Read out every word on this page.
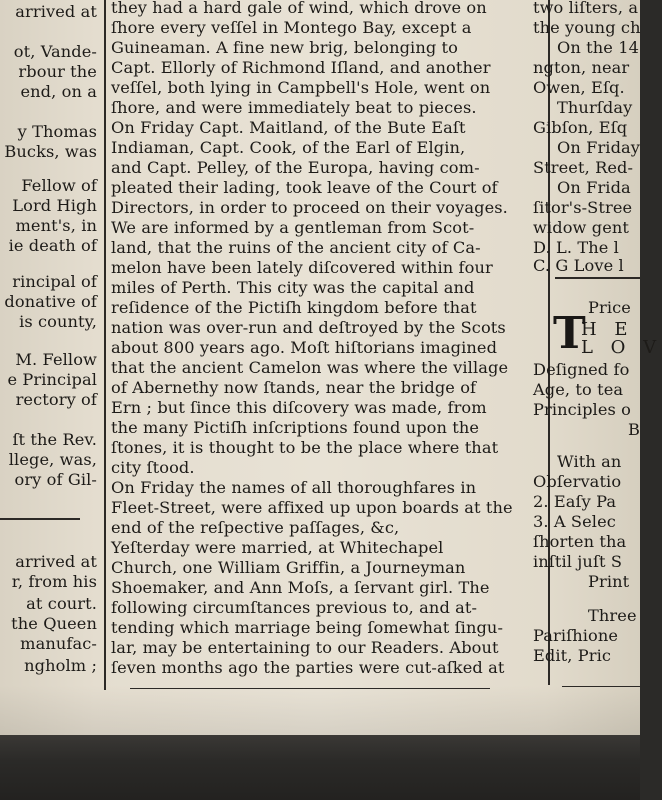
arrived at
ot, Vande-
rbour the
end, on a
y Thomas
Bucks, was
Fellow of
Lord High
ment's, in
ie death of
rincipal of
donative of
is county,
M. Fellow
e Principal
rectory of
ſt the Rev.
llege, was,
ory of Gil-
arrived at
r, from his
at court.
the Queen
manufac-
ngholm ;
they had a hard gale of wind, which drove on
ſhore every veſſel in Montego Bay, except a
Guineaman. A fine new brig, belonging to
Capt. Ellorly of Richmond Iſland, and another
veſſel, both lying in Campbell's Hole, went on
ſhore, and were immediately beat to pieces.
On Friday Capt. Maitland, of the Bute Eaſt
Indiaman, Capt. Cook, of the Earl of Elgin,
and Capt. Pelley, of the Europa, having com-
pleated their lading, took leave of the Court of
Directors, in order to proceed on their voyages.
We are informed by a gentleman from Scot-
land, that the ruins of the ancient city of Ca-
melon have been lately diſcovered within four
miles of Perth. This city was the capital and
reſidence of the Pictiſh kingdom before that
nation was over-run and deſtroyed by the Scots
about 800 years ago. Moſt hiſtorians imagined
that the ancient Camelon was where the village
of Abernethy now ſtands, near the bridge of
Ern ; but ſince this diſcovery was made, from
the many Pictiſh inſcriptions found upon the
ſtones, it is thought to be the place where that
city ſtood.
On Friday the names of all thoroughfares in
Fleet-Street, were affixed up upon boards at the
end of the reſpective paſſages, &c,
Yeſterday were married, at Whitechapel
Church, one William Griffin, a Journeyman
Shoemaker, and Ann Moſs, a ſervant girl. The
following circumſtances previous to, and at-
tending which marriage being ſomewhat ſingu-
lar, may be entertaining to our Readers. About
ſeven months ago the parties were cut-aſked at
two liſters, a
the young ch
On the 14
ngton, near
Owen, Eſq.
Thurſday
Gibſon, Eſq
On Friday
Street, Red-
On Frida
ſitor's-Stree
widow gent
D. L. The l
C. G Love l
Price
H E
L O V
Deſigned fo
Age, to tea
Principles o
B
With an
Obſervatio
2. Eaſy Pa
3. A Selec
ſhorten tha
inſtil juſt S
Print
Three
Pariſhione
Edit, Pric
T
